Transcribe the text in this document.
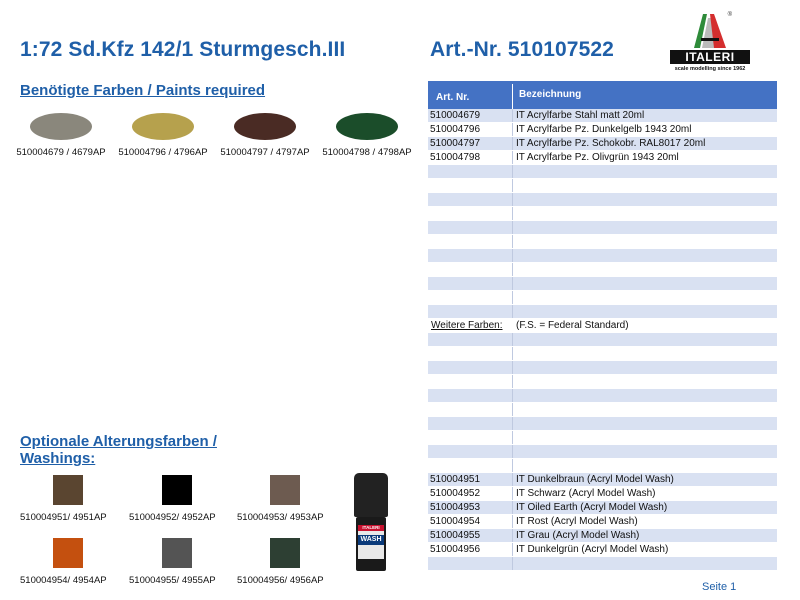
1:72 Sd.Kfz 142/1 Sturmgesch.III	Art.-Nr. 510107522
®
ITALERI
scale modelling since 1962
Benötigte Farben / Paints required
510004679 / 4679AP	510004796 / 4796AP	510004797 / 4797AP	510004798 / 4798AP
Optionale Alterungsfarben / Washings:
510004951/ 4951AP	510004952/ 4952AP	510004953/ 4953AP
510004954/ 4954AP	510004955/ 4955AP	510004956/ 4956AP
ITALERI
WASH
Art. Nr.	Bezeichnung
510004679	IT Acrylfarbe Stahl matt 20ml
510004796	IT Acrylfarbe Pz. Dunkelgelb 1943 20ml
510004797	IT Acrylfarbe Pz. Schokobr. RAL8017 20ml
510004798	IT Acrylfarbe Pz. Olivgrün 1943 20ml
Weitere Farben:	(F.S. = Federal Standard)
510004951	IT Dunkelbraun (Acryl Model Wash)
510004952	IT Schwarz (Acryl Model Wash)
510004953	IT Oiled Earth (Acryl Model Wash)
510004954	IT Rost (Acryl Model Wash)
510004955	IT Grau (Acryl Model Wash)
510004956	IT Dunkelgrün (Acryl Model Wash)
Seite 1
